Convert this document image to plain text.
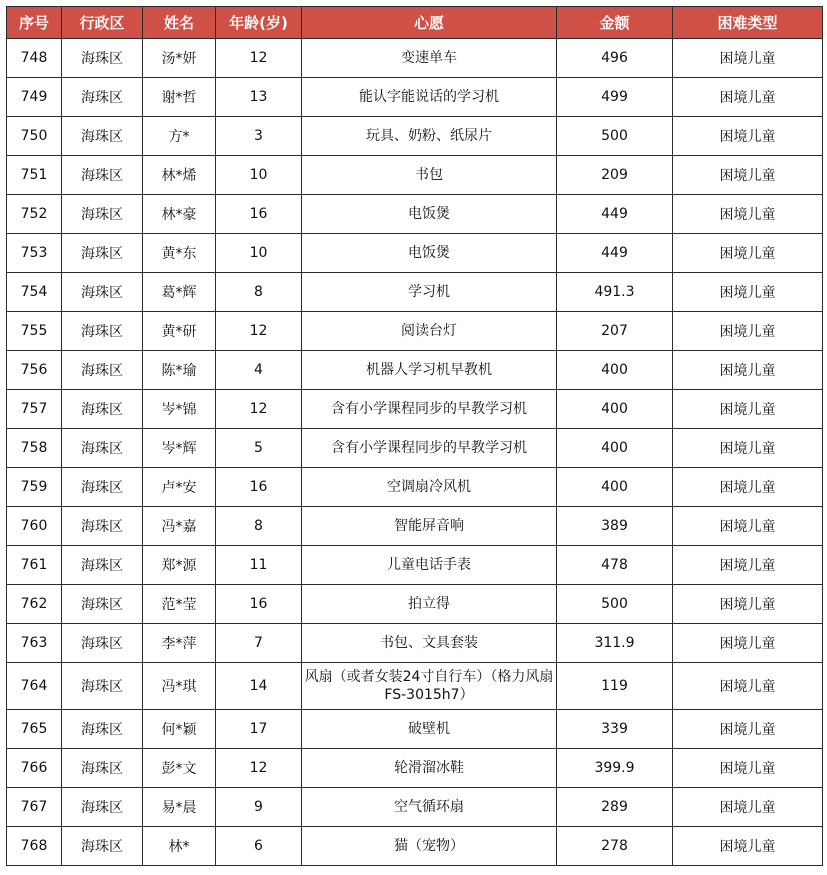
序号	行政区	姓名	年龄(岁)	心愿	金额	困难类型
748	海珠区	汤*妍	12	变速单车	496	困境儿童
749	海珠区	谢*哲	13	能认字能说话的学习机	499	困境儿童
750	海珠区	方*	3	玩具、奶粉、纸尿片	500	困境儿童
751	海珠区	林*烯	10	书包	209	困境儿童
752	海珠区	林*豪	16	电饭煲	449	困境儿童
753	海珠区	黄*东	10	电饭煲	449	困境儿童
754	海珠区	葛*辉	8	学习机	491.3	困境儿童
755	海珠区	黄*研	12	阅读台灯	207	困境儿童
756	海珠区	陈*瑜	4	机器人学习机早教机	400	困境儿童
757	海珠区	岑*锦	12	含有小学课程同步的早教学习机	400	困境儿童
758	海珠区	岑*辉	5	含有小学课程同步的早教学习机	400	困境儿童
759	海珠区	卢*安	16	空调扇冷风机	400	困境儿童
760	海珠区	冯*嘉	8	智能屏音响	389	困境儿童
761	海珠区	郑*源	11	儿童电话手表	478	困境儿童
762	海珠区	范*莹	16	拍立得	500	困境儿童
763	海珠区	李*萍	7	书包、文具套装	311.9	困境儿童
764	海珠区	冯*琪	14	风扇（或者女装24寸自行车）（格力风扇 FS-3015h7）	119	困境儿童
765	海珠区	何*颖	17	破壁机	339	困境儿童
766	海珠区	彭*文	12	轮滑溜冰鞋	399.9	困境儿童
767	海珠区	易*晨	9	空气循环扇	289	困境儿童
768	海珠区	林*	6	猫（宠物）	278	困境儿童
